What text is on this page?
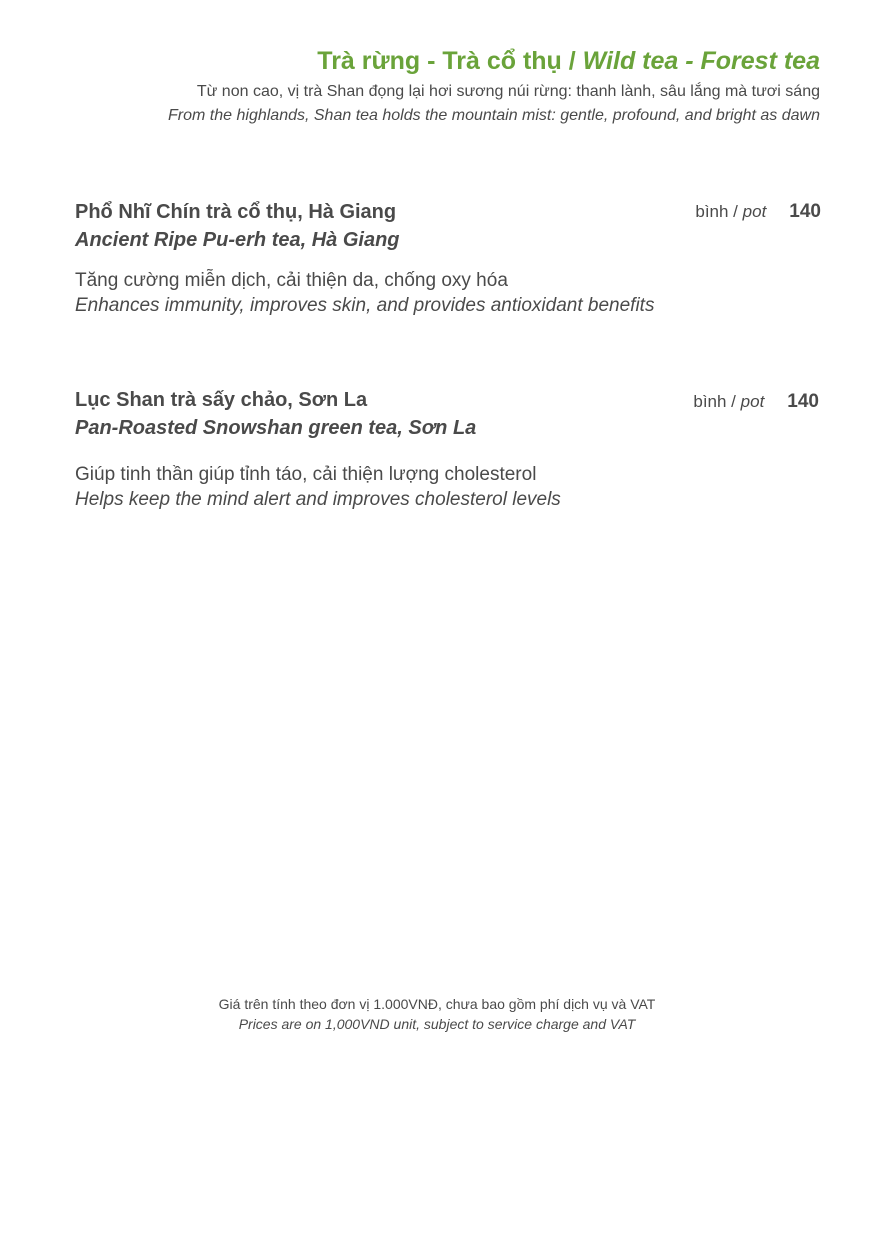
Trà rừng - Trà cổ thụ / Wild tea - Forest tea
Từ non cao, vị trà Shan đọng lại hơi sương núi rừng: thanh lành, sâu lắng mà tươi sáng
From the highlands, Shan tea holds the mountain mist: gentle, profound, and bright as dawn
Phổ Nhĩ Chín trà cổ thụ, Hà Giang
Ancient Ripe Pu-erh tea, Hà Giang
Tăng cường miễn dịch, cải thiện da, chống oxy hóa
Enhances immunity, improves skin, and provides antioxidant benefits
bình / pot 140
Lục Shan trà sấy chảo, Sơn La
Pan-Roasted Snowshan green tea, Sơn La
Giúp tinh thần giúp tỉnh táo, cải thiện lượng cholesterol
Helps keep the mind alert and improves cholesterol levels
bình / pot 140
Giá trên tính theo đơn vị 1.000VNĐ, chưa bao gồm phí dịch vụ và VAT
Prices are on 1,000VND unit, subject to service charge and VAT
